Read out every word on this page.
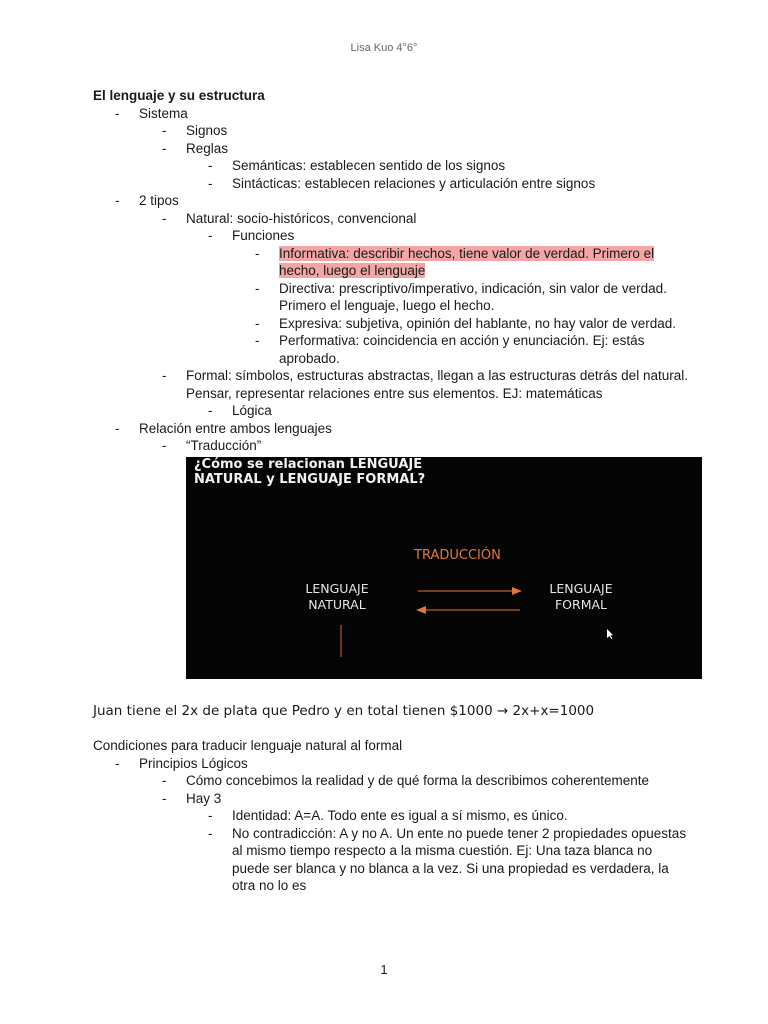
Lisa Kuo 4°6°
El lenguaje y su estructura
- Sistema
- Signos
- Reglas
- Semánticas: establecen sentido de los signos
- Sintácticas: establecen relaciones y articulación entre signos
- 2 tipos
- Natural: socio-históricos, convencional
- Funciones
- Informativa: describir hechos, tiene valor de verdad. Primero el hecho, luego el lenguaje
- Directiva: prescriptivo/imperativo, indicación, sin valor de verdad. Primero el lenguaje, luego el hecho.
- Expresiva: subjetiva, opinión del hablante, no hay valor de verdad.
- Performativa: coincidencia en acción y enunciación. Ej: estás aprobado.
- Formal: símbolos, estructuras abstractas, llegan a las estructuras detrás del natural. Pensar, representar relaciones entre sus elementos. EJ: matemáticas
- Lógica
- Relación entre ambos lenguajes
- “Traducción”
¿Cómo se relacionan LENGUAJE
NATURAL y LENGUAJE FORMAL?
TRADUCCIÓN
LENGUAJE
NATURAL
LENGUAJE
FORMAL
Juan tiene el 2x de plata que Pedro y en total tienen $1000 → 2x+x=1000
Condiciones para traducir lenguaje natural al formal
- Principios Lógicos
- Cómo concebimos la realidad y de qué forma la describimos coherentemente
- Hay 3
- Identidad: A=A. Todo ente es igual a sí mismo, es único.
- No contradicción: A y no A. Un ente no puede tener 2 propiedades opuestas al mismo tiempo respecto a la misma cuestión. Ej: Una taza blanca no puede ser blanca y no blanca a la vez. Si una propiedad es verdadera, la otra no lo es
1
